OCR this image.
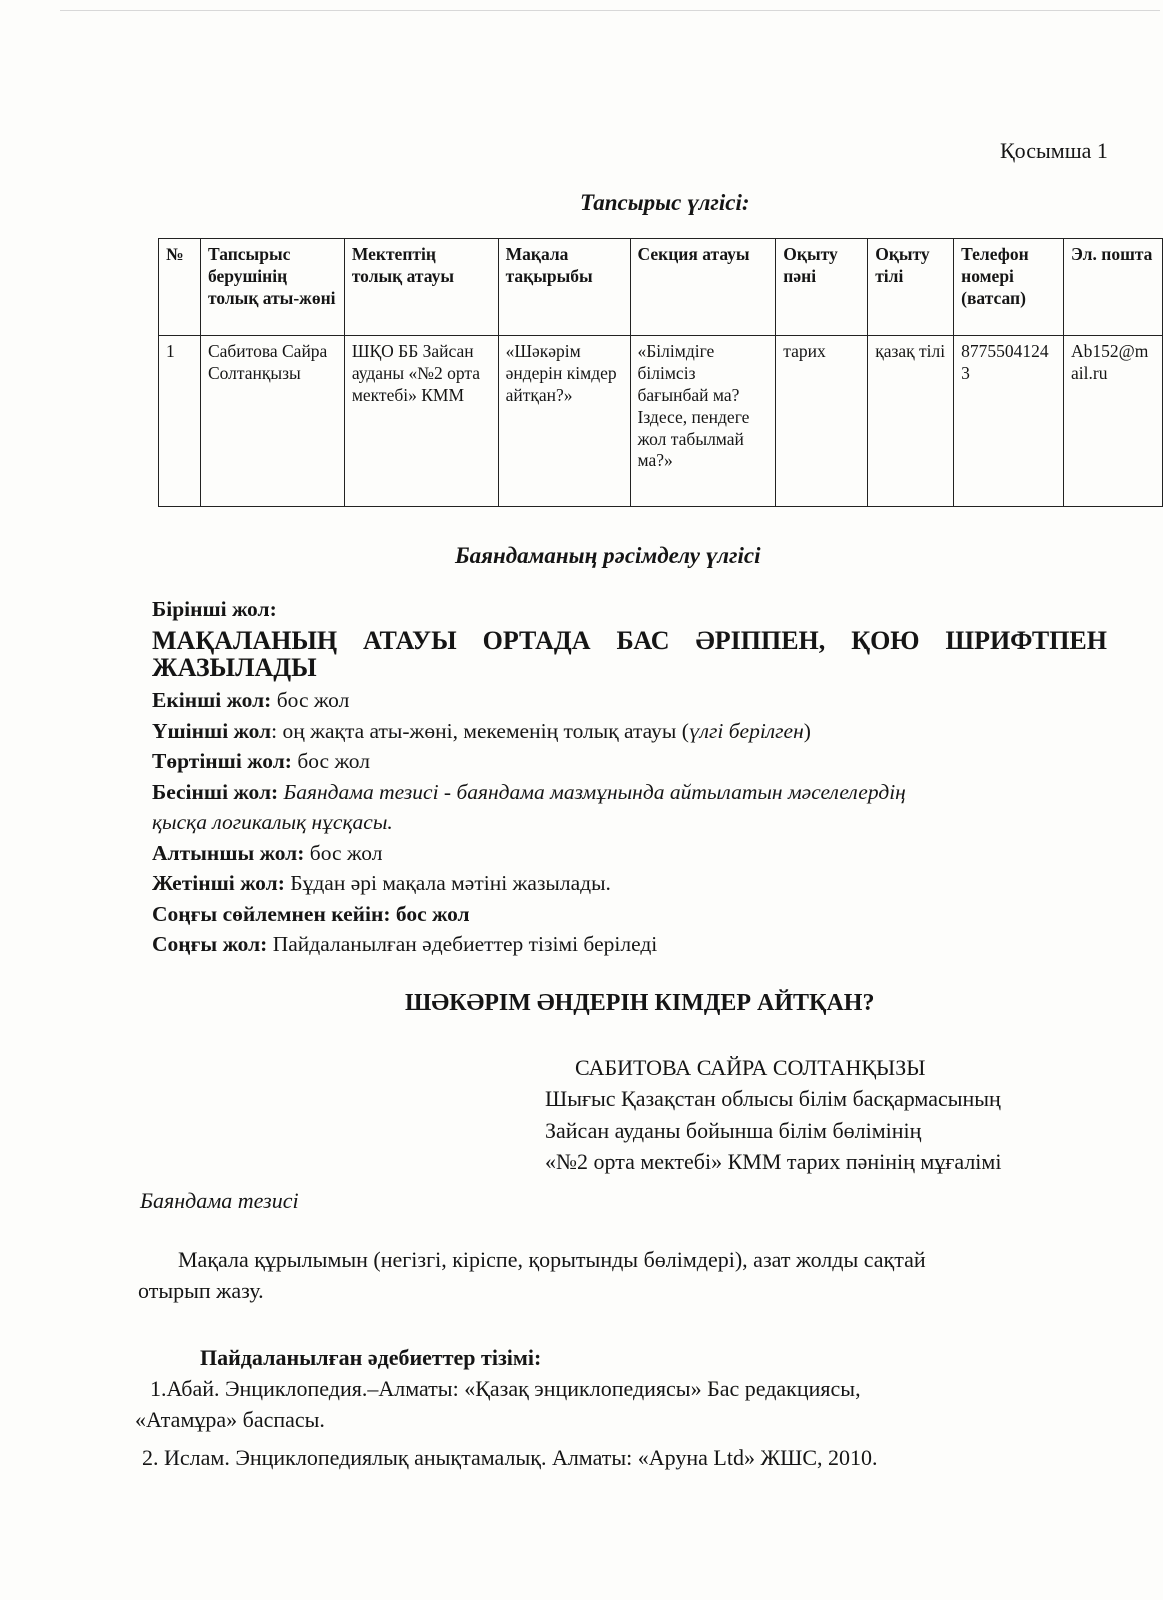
Қосымша 1
Тапсырыс үлгісі:
№	Тапсырыс берушінің толық аты-жөні	Мектептің толық атауы	Мақала тақырыбы	Секция атауы	Оқыту пәні	Оқыту тілі	Телефон номері (ватсап)	Эл. пошта
1	Сабитова Сайра Солтанқызы	ШҚО ББ Зайсан ауданы «№2 орта мектебі» КММ	«Шәкәрім әндерін кімдер айтқан?»	«Білімдіге білімсіз бағынбай ма? Іздесе, пендеге жол табылмай ма?»	тарих	қазақ тілі	87755041243	Ab152@mail.ru
Баяндаманың рәсімделу үлгісі
Бірінші жол:
МАҚАЛАНЫҢ АТАУЫ ОРТАДА БАС ӘРІППЕН, ҚОЮ ШРИФТПЕН
ЖАЗЫЛАДЫ
Екінші жол: бос жол
Үшінші жол: оң жақта аты-жөні, мекеменің толық атауы (үлгі берілген)
Төртінші жол: бос жол
Бесінші жол: Баяндама тезисі - баяндама мазмұнында айтылатын мәселелердің
қысқа логикалық нұсқасы.
Алтыншы жол: бос жол
Жетінші жол: Бұдан әрі мақала мәтіні жазылады.
Соңғы сөйлемнен кейін: бос жол
Соңғы жол: Пайдаланылған әдебиеттер тізімі беріледі
ШӘКӘРІМ ӘНДЕРІН КІМДЕР АЙТҚАН?
САБИТОВА САЙРА СОЛТАНҚЫЗЫ
Шығыс Қазақстан облысы білім басқармасының
Зайсан ауданы бойынша білім бөлімінің
«№2 орта мектебі» КММ тарих пәнінің мұғалімі
Баяндама тезисі
Мақала құрылымын (негізгі, кіріспе, қорытынды бөлімдері), азат жолды сақтай
отырып жазу.
Пайдаланылған әдебиеттер тізімі:
1.Абай. Энциклопедия.–Алматы: «Қазақ энциклопедиясы» Бас редакциясы,
«Атамұра» баспасы.
2. Ислам. Энциклопедиялық анықтамалық. Алматы: «Аруна Ltd» ЖШС, 2010.
